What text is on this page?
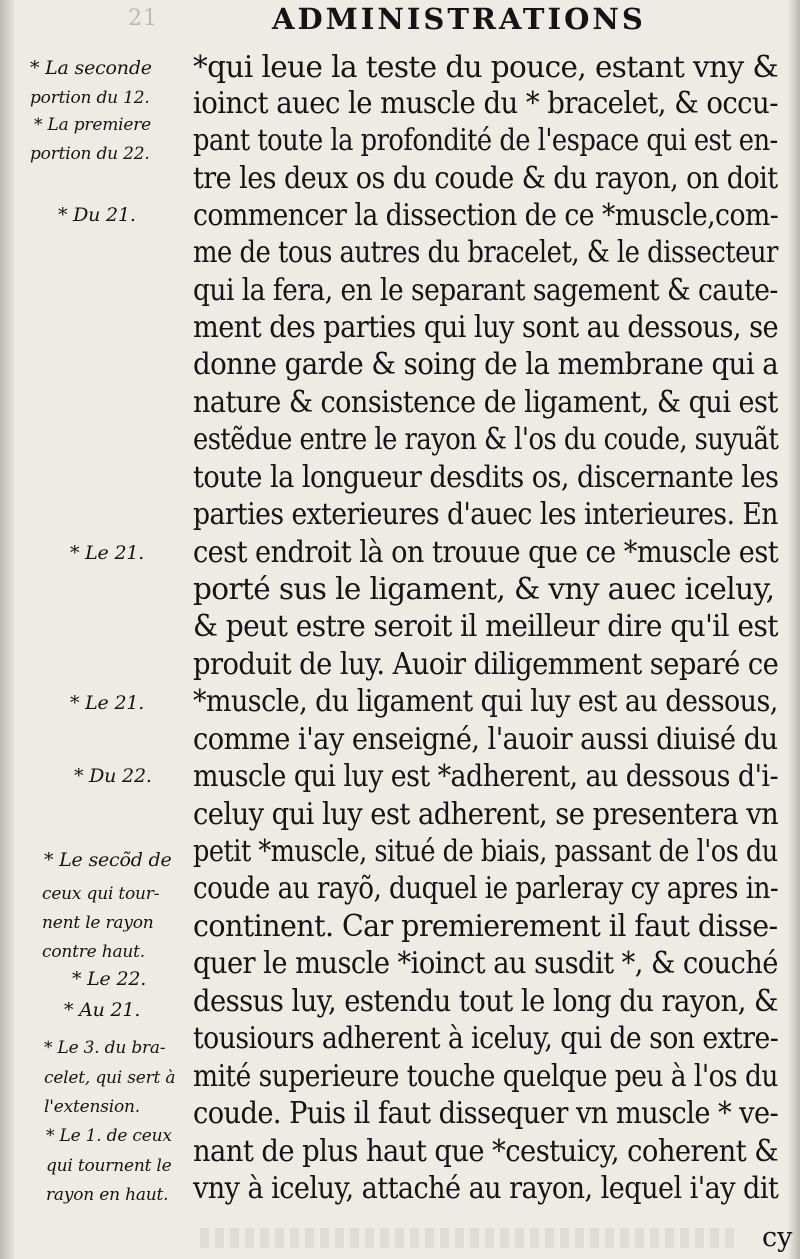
21	ADMINISTRATIONS
*qui leue la teste du pouce, estant vny &
ioinct auec le muscle du * bracelet, & occu-
pant toute la profondité de l'espace qui est en-
tre les deux os du coude & du rayon, on doit
commencer la dissection de ce *muscle,com-
me de tous autres du bracelet, & le dissecteur
qui la fera, en le separant sagement & caute-
ment des parties qui luy sont au dessous, se
donne garde & soing de la membrane qui a
nature & consistence de ligament, & qui est
estẽdue entre le rayon & l'os du coude, suyuãt
toute la longueur desdits os, discernante les
parties exterieures d'auec les interieures. En
cest endroit là on trouue que ce *muscle est
porté sus le ligament, & vny auec iceluy,
& peut estre seroit il meilleur dire qu'il est
produit de luy. Auoir diligemment separé ce
*muscle, du ligament qui luy est au dessous,
comme i'ay enseigné, l'auoir aussi diuisé du
muscle qui luy est *adherent, au dessous d'i-
celuy qui luy est adherent, se presentera vn
petit *muscle, situé de biais, passant de l'os du
coude au rayõ, duquel ie parleray cy apres in-
continent. Car premierement il faut disse-
quer le muscle *ioinct au susdit *, & couché
dessus luy, estendu tout le long du rayon, &
tousiours adherent à iceluy, qui de son extre-
mité superieure touche quelque peu à l'os du
coude. Puis il faut dissequer vn muscle * ve-
nant de plus haut que *cestuicy, coherent &
vny à iceluy, attaché au rayon, lequel i'ay dit
* La seconde
portion du 12.
* La premiere
portion du 22.
* Du 21.
* Le 21.
* Le 21.
* Du 22.
* Le secõd de
ceux qui tour-
nent le rayon
contre haut.
* Le 22.
* Au 21.
* Le 3. du bra-
celet, qui sert à
l'extension.
* Le 1. de ceux
qui tournent le
rayon en haut.
cy
